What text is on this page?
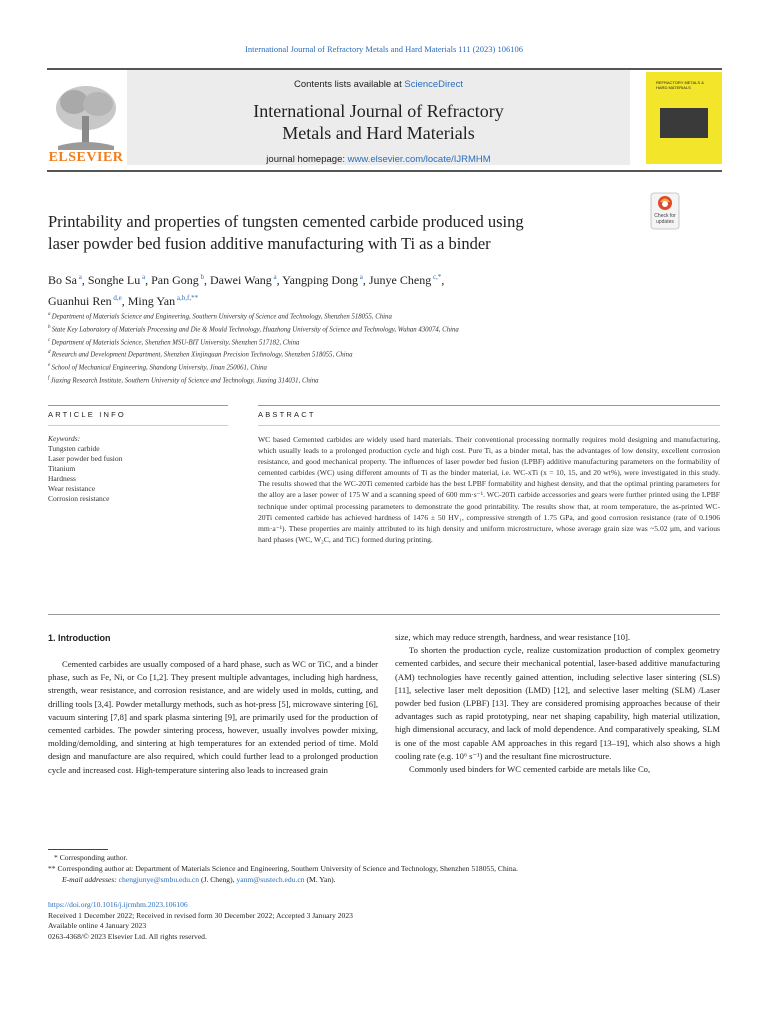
International Journal of Refractory Metals and Hard Materials 111 (2023) 106106
ELSEVIER
Contents lists available at ScienceDirect
International Journal of Refractory
Metals and Hard Materials
journal homepage: www.elsevier.com/locate/IJRMHM
REFRACTORY METALS & HARD MATERIALS
Check for updates
Printability and properties of tungsten cemented carbide produced using
laser powder bed fusion additive manufacturing with Ti as a binder
Bo Sa $^a$, Songhe Lu $^a$, Pan Gong $^b$, Dawei Wang $^a$, Yangping Dong $^a$, Junye Cheng $^{c,*}$,
Guanhui Ren $^{d,e}$, Ming Yan $^{a,b,f,**}$
$^a$ Department of Materials Science and Engineering, Southern University of Science and Technology, Shenzhen 518055, China
$^b$ State Key Laboratory of Materials Processing and Die & Mould Technology, Huazhong University of Science and Technology, Wuhan 430074, China
$^c$ Department of Materials Science, Shenzhen MSU-BIT University, Shenzhen 517182, China
$^d$ Research and Development Department, Shenzhen Xinjinquan Precision Technology, Shenzhen 518055, China
$^e$ School of Mechanical Engineering, Shandong University, Jinan 250061, China
$^f$ Jiaxing Research Institute, Southern University of Science and Technology, Jiaxing 314031, China
ARTICLE INFO	ABSTRACT
Keywords:
Tungsten carbide
Laser powder bed fusion
Titanium
Hardness
Wear resistance
Corrosion resistance

WC based Cemented carbides are widely used hard materials. Their conventional processing normally requires mold designing and manufacturing, which usually leads to a prolonged production cycle and high cost. Pure Ti, as a binder metal, has the advantages of low density, excellent corrosion resistance, and good mechanical property. The influences of laser powder bed fusion (LPBF) additive manufacturing parameters on the formability of cemented carbides (WC) using different amounts of Ti as the binder material, i.e. WC-xTi (x = 10, 15, and 20 wt%), were investigated in this study. The results showed that the WC-20Ti cemented carbide has the best LPBF formability and highest density, and that the optimal printing parameters for the alloy are a laser power of 175 W and a scanning speed of 600 mm·s⁻¹. WC-20Ti carbide accessories and gears were further printed using the LPBF technique under optimal processing parameters to demonstrate the good printability. The results show that, at room temperature, the as-printed WC-20Ti cemented carbide has achieved hardness of 1476 ± 50 HV₁, compressive strength of 1.75 GPa, and good corrosion resistance (rate of 0.1906 mm·a⁻¹). These properties are mainly attributed to its high density and uniform microstructure, whose average grain size was ~5.02 μm, and various hard phases (WC, W₂C, and TiC) formed during printing.

1. Introduction

Cemented carbides are usually composed of a hard phase, such as WC or TiC, and a binder phase, such as Fe, Ni, or Co [1,2]. They present multiple advantages, including high hardness, strength, wear resistance, and corrosion resistance, and are widely used in molds, cutting, and drilling tools [3,4]. Powder metallurgy methods, such as hot-press [5], microwave sintering [6], vacuum sintering [7,8] and spark plasma sintering [9], are primarily used for the production of cemented carbides. The powder sintering process, however, usually involves powder mixing, molding/demolding, and sintering at high temperatures for an extended period of time. Mold design and manufacture are also required, which could further lead to a prolonged production cycle and increased cost. High-temperature sintering also leads to increased grain

size, which may reduce strength, hardness, and wear resistance [10].

To shorten the production cycle, realize customization production of complex geometry cemented carbides, and secure their mechanical potential, laser-based additive manufacturing (AM) technologies have recently gained attention, including selective laser sintering (SLS) [11], selective laser melt deposition (LMD) [12], and selective laser melting (SLM) /Laser powder bed fusion (LPBF) [13]. They are considered promising approaches because of their advantages such as rapid prototyping, near net shaping capability, high material utilization, high dimensional accuracy, and lack of mold dependence. And comparatively speaking, SLM is one of the most capable AM approaches in this regard [13–19], which also shows a high cooling rate (e.g. 10⁶ s⁻¹) and the resultant fine microstructure.

Commonly used binders for WC cemented carbide are metals like Co,

* Corresponding author.
** Corresponding author at: Department of Materials Science and Engineering, Southern University of Science and Technology, Shenzhen 518055, China.
E-mail addresses: chengjunye@smbu.edu.cn (J. Cheng), yanm@sustech.edu.cn (M. Yan).
https://doi.org/10.1016/j.ijrmhm.2023.106106
Received 1 December 2022; Received in revised form 30 December 2022; Accepted 3 January 2023
Available online 4 January 2023
0263-4368/© 2023 Elsevier Ltd. All rights reserved.
